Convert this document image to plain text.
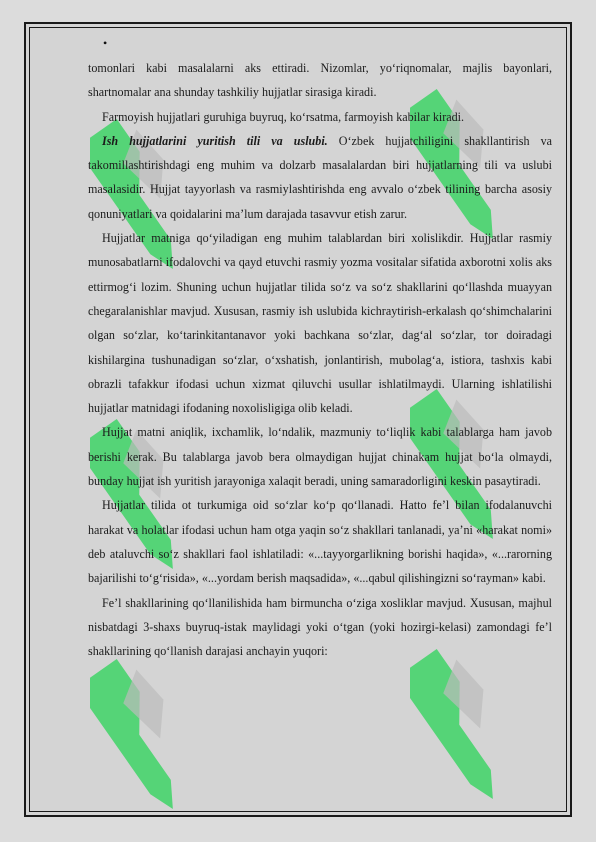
•

tomonlari kabi masalalarni aks ettiradi. Nizomlar, yo‘riqnomalar, majlis bayonlari, shartnomalar ana shunday tashkiliy hujjatlar sirasiga kiradi.

Farmoyish hujjatlari guruhiga buyruq, ko‘rsatma, farmoyish kabilar kiradi.

Ish hujjatlarini yuritish tili va uslubi. O‘zbek hujjatchiligini shakllantirish va takomillashtirishdagi eng muhim va dolzarb masalalardan biri hujjatlarning tili va uslubi masalasidir. Hujjat tayyorlash va rasmiylashtirishda eng avvalo o‘zbek tilining barcha asosiy qonuniyatlari va qoidalarini ma’lum darajada tasavvur etish zarur.

Hujjatlar matniga qo‘yiladigan eng muhim talablardan biri xolislikdir. Hujjatlar rasmiy munosabatlarni ifodalovchi va qayd etuvchi rasmiy yozma vositalar sifatida axborotni xolis aks ettirmog‘i lozim. Shuning uchun hujjatlar tilida so‘z va so‘z shakllarini qo‘llashda muayyan chegaralanishlar mavjud. Xususan, rasmiy ish uslubida kichraytirish-erkalash qo‘shimchalarini olgan so‘zlar, ko‘tarinkitantanavor yoki bachkana so‘zlar, dag‘al so‘zlar, tor doiradagi kishilargina tushunadigan so‘zlar, o‘xshatish, jonlantirish, mubolag‘a, istiora, tashxis kabi obrazli tafakkur ifodasi uchun xizmat qiluvchi usullar ishlatilmaydi. Ularning ishlatilishi hujjatlar matnidagi ifodaning noxolisligiga olib keladi.

Hujjat matni aniqlik, ixchamlik, lo‘ndalik, mazmuniy to‘liqlik kabi talablarga ham javob berishi kerak. Bu talablarga javob bera olmaydigan hujjat chinakam hujjat bo‘la olmaydi, bunday hujjat ish yuritish jarayoniga xalaqit beradi, uning samaradorligini keskin pasaytiradi.

Hujjatlar tilida ot turkumiga oid so‘zlar ko‘p qo‘llanadi. Hatto fe’l bilan ifodalanuvchi harakat va holatlar ifodasi uchun ham otga yaqin so‘z shakllari tanlanadi, ya’ni «harakat nomi» deb ataluvchi so‘z shakllari faol ishlatiladi: «...tayyorgarlikning borishi haqida», «...rarorning bajarilishi to‘g‘risida», «...yordam berish maqsadida», «...qabul qilishingizni so‘rayman» kabi.

Fe’l shakllarining qo‘llanilishida ham birmuncha o‘ziga xosliklar mavjud. Xususan, majhul nisbatdagi 3-shaxs buyruq-istak maylidagi yoki o‘tgan (yoki hozirgi-kelasi) zamondagi fe’l shakllarining qo‘llanish darajasi anchayin yuqori:
